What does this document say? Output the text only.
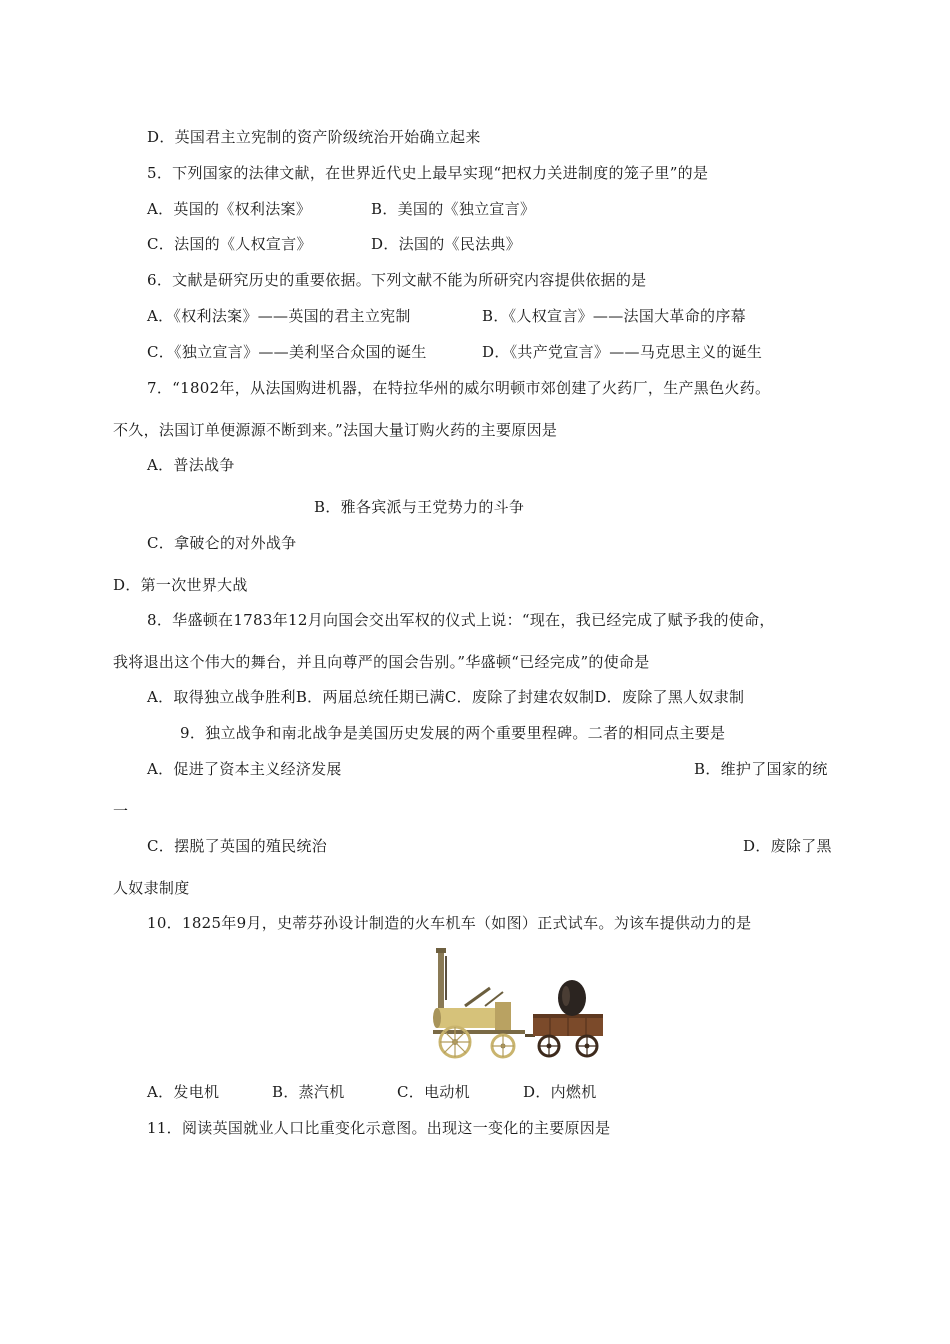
D．英国君主立宪制的资产阶级统治开始确立起来
5．下列国家的法律文献，在世界近代史上最早实现“把权力关进制度的笼子里”的是
A．英国的《权利法案》	B．美国的《独立宣言》
C．法国的《人权宣言》	D．法国的《民法典》
6．文献是研究历史的重要依据。下列文献不能为所研究内容提供依据的是
A．《权利法案》——英国的君主立宪制	B．《人权宣言》——法国大革命的序幕
C．《独立宣言》——美利坚合众国的诞生	D．《共产党宣言》——马克思主义的诞生
7．“1802年，从法国购进机器，在特拉华州的威尔明顿市郊创建了火药厂，生产黑色火药。
不久，法国订单便源源不断到来。”法国大量订购火药的主要原因是
A．普法战争
B．雅各宾派与王党势力的斗争
C．拿破仑的对外战争
D．第一次世界大战
8．华盛顿在1783年12月向国会交出军权的仪式上说：“现在，我已经完成了赋予我的使命，
我将退出这个伟大的舞台，并且向尊严的国会告别。”华盛顿“已经完成”的使命是
A．取得独立战争胜利B．两届总统任期已满C．废除了封建农奴制D．废除了黑人奴隶制
9．独立战争和南北战争是美国历史发展的两个重要里程碑。二者的相同点主要是
A．促进了资本主义经济发展	B．维护了国家的统
一
C．摆脱了英国的殖民统治	D．废除了黑
人奴隶制度
10．1825年9月，史蒂芬孙设计制造的火车机车（如图）正式试车。为该车提供动力的是
A．发电机	B．蒸汽机	C．电动机	D．内燃机
11．阅读英国就业人口比重变化示意图。出现这一变化的主要原因是
